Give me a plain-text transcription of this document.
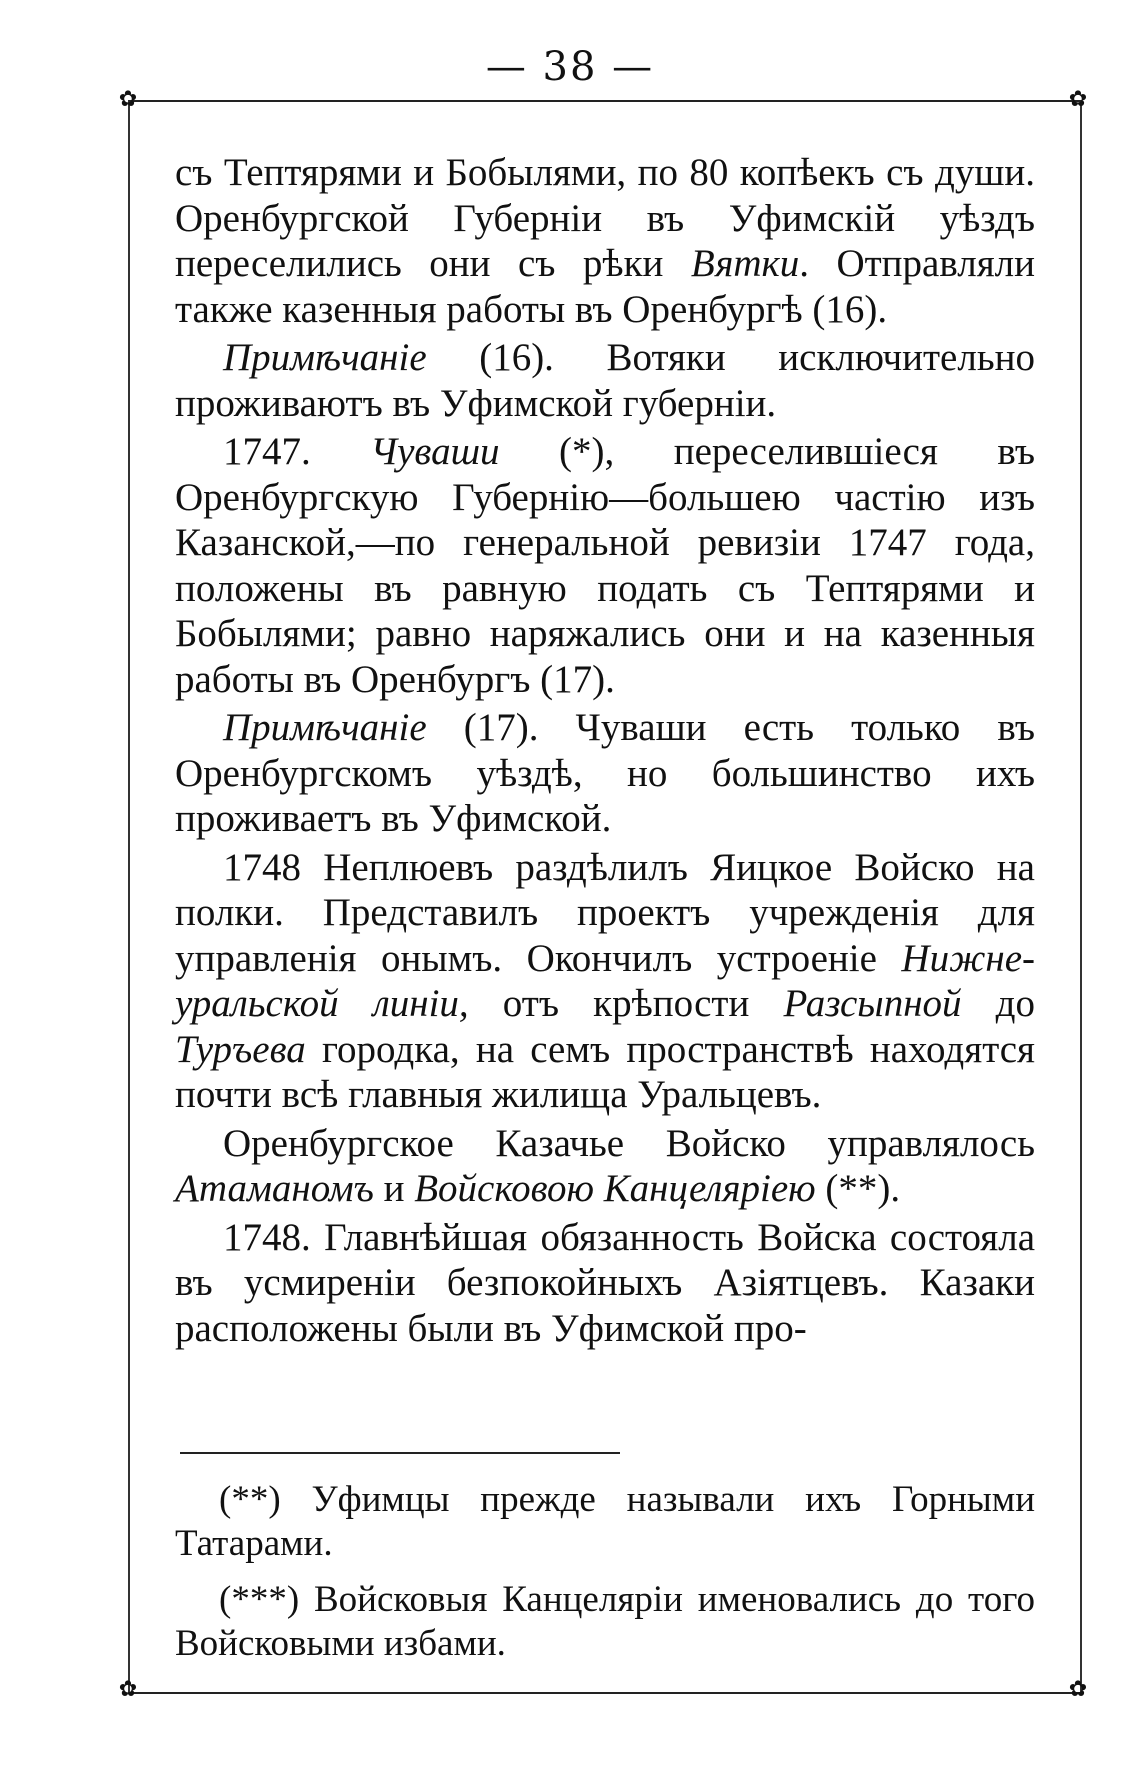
— 38 —
✿	✿
✿	✿

съ Тептярями и Бобылями, по 80 копѣекъ съ души. Оренбургской Губерніи въ Уфимскій уѣздъ переселились они съ рѣки Вятки. Отправляли также казенныя работы въ Оренбургѣ (16).

Примѣчаніе (16). Вотяки исключительно проживаютъ въ Уфимской губерніи.

1747. Чуваши (*), переселившіеся въ Оренбургскую Губернію—большею частію изъ Казанской,—по генеральной ревизіи 1747 года, положены въ равную подать съ Тептярями и Бобылями; равно наряжались они и на казенныя работы въ Оренбургъ (17).

Примѣчаніе (17). Чуваши есть только въ Оренбургскомъ уѣздѣ, но большинство ихъ проживаетъ въ Уфимской.

1748 Неплюевъ раздѣлилъ Яицкое Войско на полки. Представилъ проектъ учрежденія для управленія онымъ. Окончилъ устроеніе Нижне-уральской линіи, отъ крѣпости Разсыпной до Туръева городка, на семъ пространствѣ находятся почти всѣ главныя жилища Уральцевъ.

Оренбургское Казачье Войско управлялось Атаманомъ и Войсковою Канцеляріею (**).

1748. Главнѣйшая обязанность Войска состояла въ усмиреніи безпокойныхъ Азіятцевъ. Казаки расположены были въ Уфимской про-

(**) Уфимцы прежде называли ихъ Горными Татарами.

(***) Войсковыя Канцеляріи именовались до того Войсковыми избами.
